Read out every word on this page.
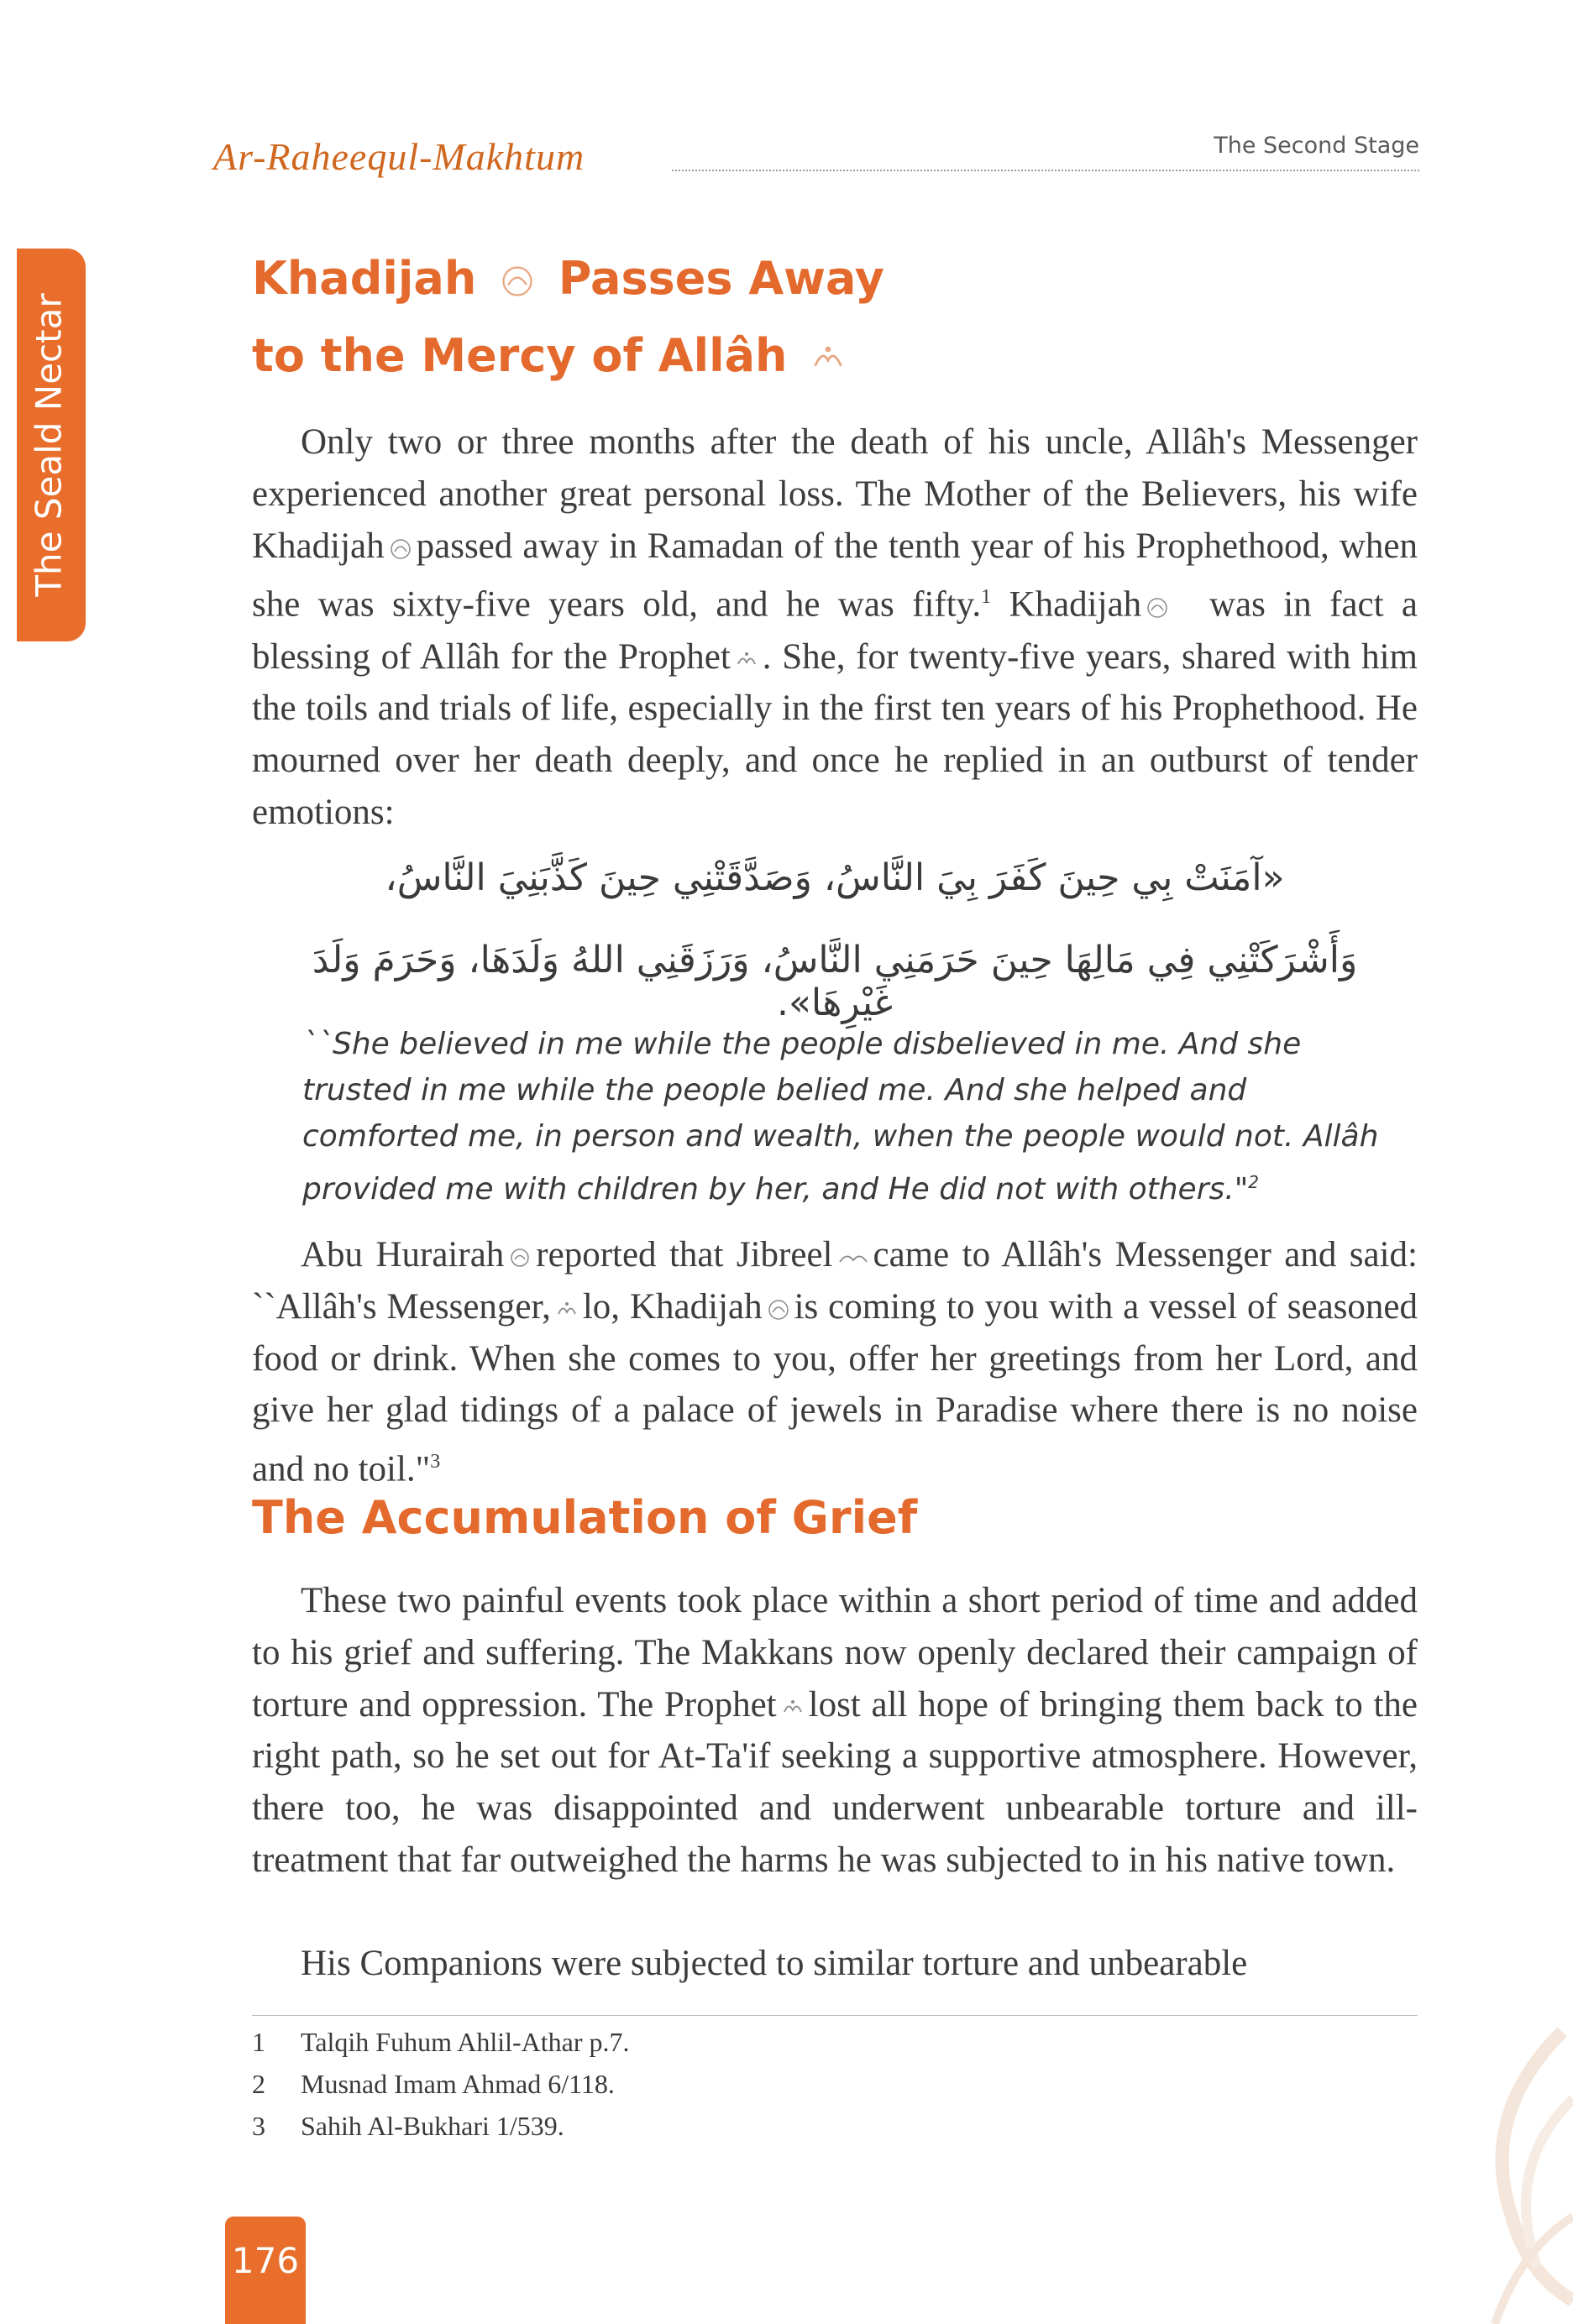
Ar-Raheequl-Makhtum	The Second Stage
The Seald Nectar
Khadijah Passes Away
to the Mercy of Allâh
Only two or three months after the death of his uncle, Allâh's Messenger experienced another great personal loss. The Mother of the Believers, his wife Khadijah passed away in Ramadan of the tenth year of his Prophethood, when she was sixty-five years old, and he was fifty.$^1$ Khadijah was in fact a blessing of Allâh for the Prophet . She, for twenty-five years, shared with him the toils and trials of life, especially in the first ten years of his Prophethood. He mourned over her death deeply, and once he replied in an outburst of tender emotions:
«آمَنَتْ بِي حِينَ كَفَرَ بِيَ النَّاسُ، وَصَدَّقَتْنِي حِينَ كَذَّبَنِيَ النَّاسُ،
وَأَشْرَكَتْنِي فِي مَالِهَا حِينَ حَرَمَنِي النَّاسُ، وَرَزَقَنِي اللهُ وَلَدَهَا، وَحَرَمَ وَلَدَ غَيْرِهَا».
``She believed in me while the people disbelieved in me. And she trusted in me while the people belied me. And she helped and comforted me, in person and wealth, when the people would not. Allâh provided me with children by her, and He did not with others."$^2$
Abu Hurairah reported that Jibreel came to Allâh's Messenger and said: ``Allâh's Messenger, lo, Khadijah is coming to you with a vessel of seasoned food or drink. When she comes to you, offer her greetings from her Lord, and give her glad tidings of a palace of jewels in Paradise where there is no noise and no toil."$^3$
The Accumulation of Grief
These two painful events took place within a short period of time and added to his grief and suffering. The Makkans now openly declared their campaign of torture and oppression. The Prophet lost all hope of bringing them back to the right path, so he set out for At-Ta'if seeking a supportive atmosphere. However, there too, he was disappointed and underwent unbearable torture and ill-treatment that far outweighed the harms he was subjected to in his native town.
His Companions were subjected to similar torture and unbearable
1 Talqih Fuhum Ahlil-Athar p.7.
2 Musnad Imam Ahmad 6/118.
3 Sahih Al-Bukhari 1/539.
176
